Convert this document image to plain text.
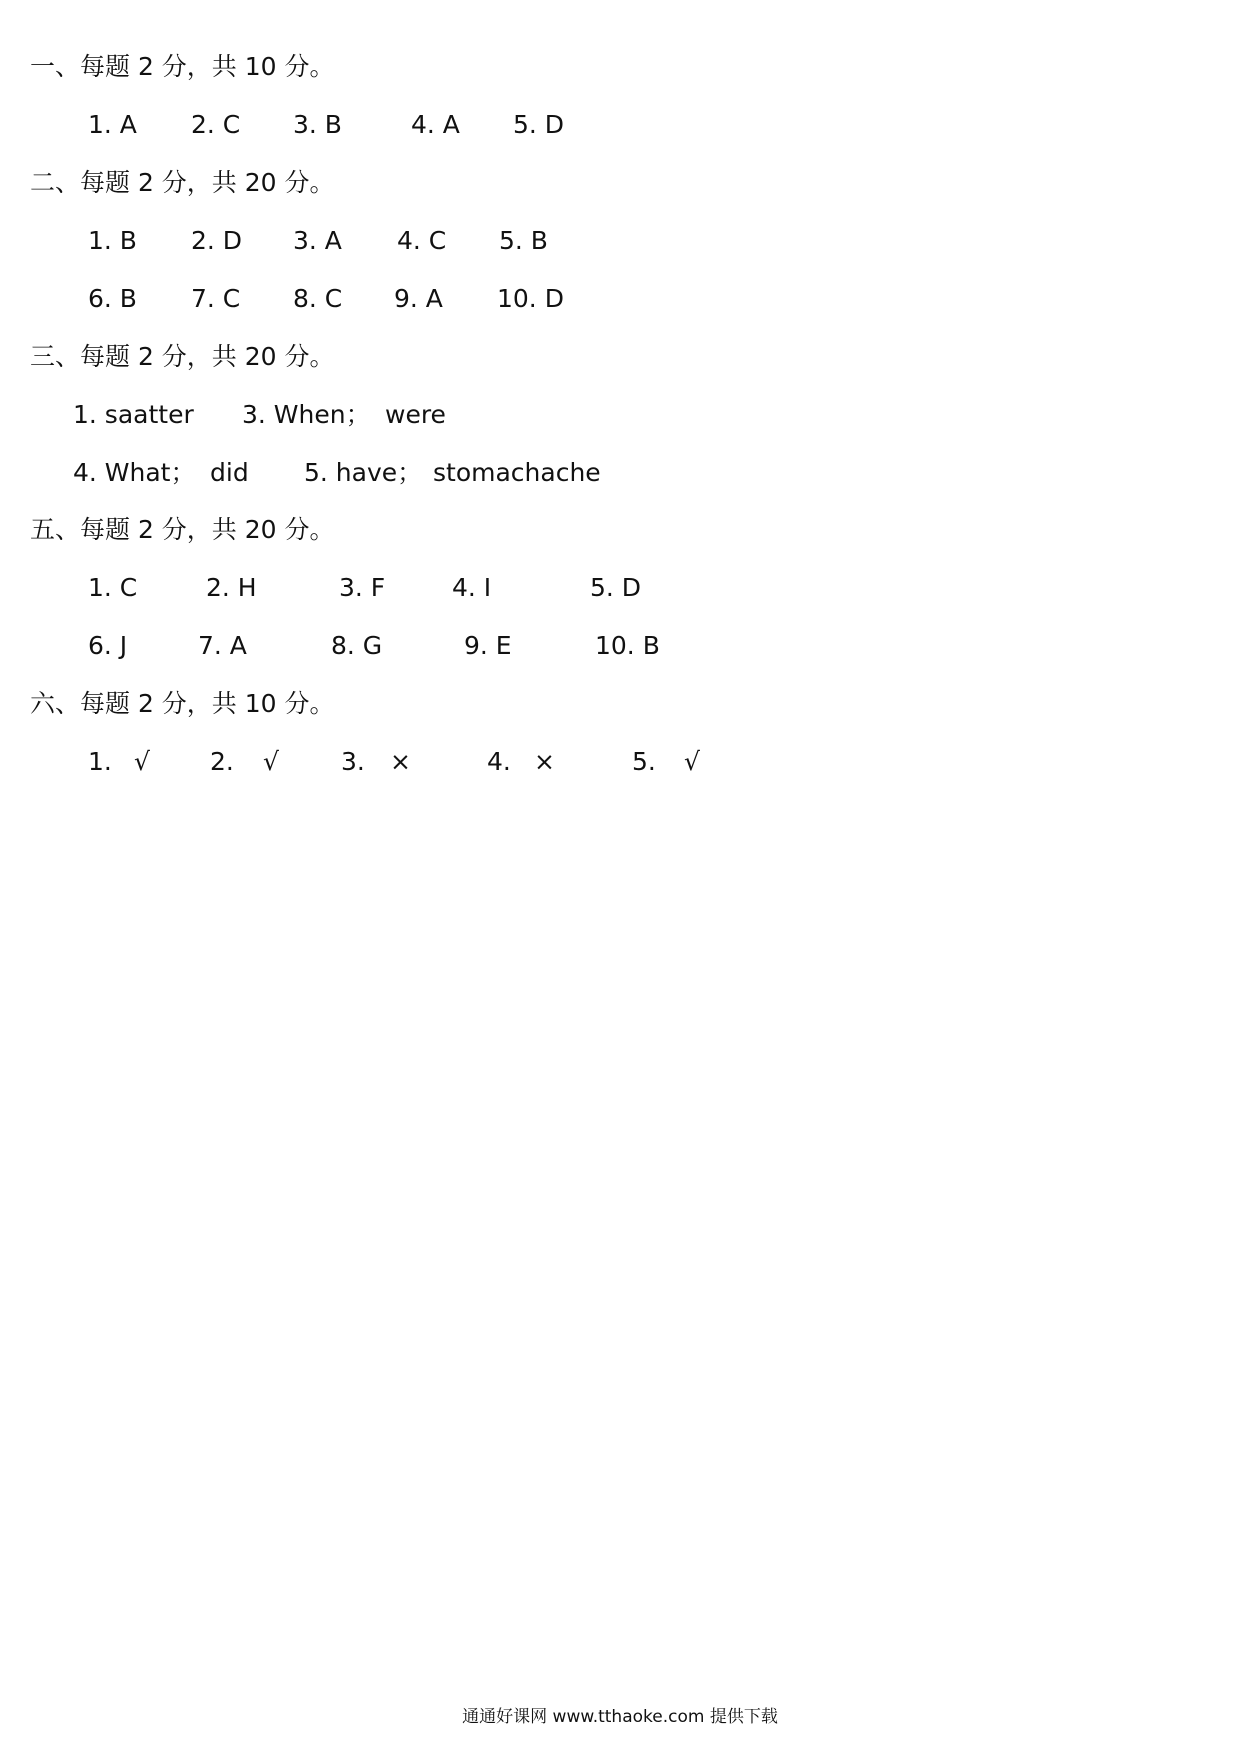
一、每题 2 分，共 10 分。
1. A 2. C 3. B	4. A 5. D
二、每题 2 分，共 20 分。
1. B 2. D 3. A 4. C 5. B
6. B 7. C 8. C 9. A 10. D
三、每题 2 分，共 20 分。
1. saatter 3. When； were
4. What； did 5. have； stomachache
五、每题 2 分，共 20 分。
1. C	2. H	3. F	4. I	5. D
6. J	7. A	8. G	9. E	10. B
六、每题 2 分，共 10 分。
1. √ 2. √ 3. ×	4. ×	5. √
通通好课网 www.tthaoke.com 提供下载
